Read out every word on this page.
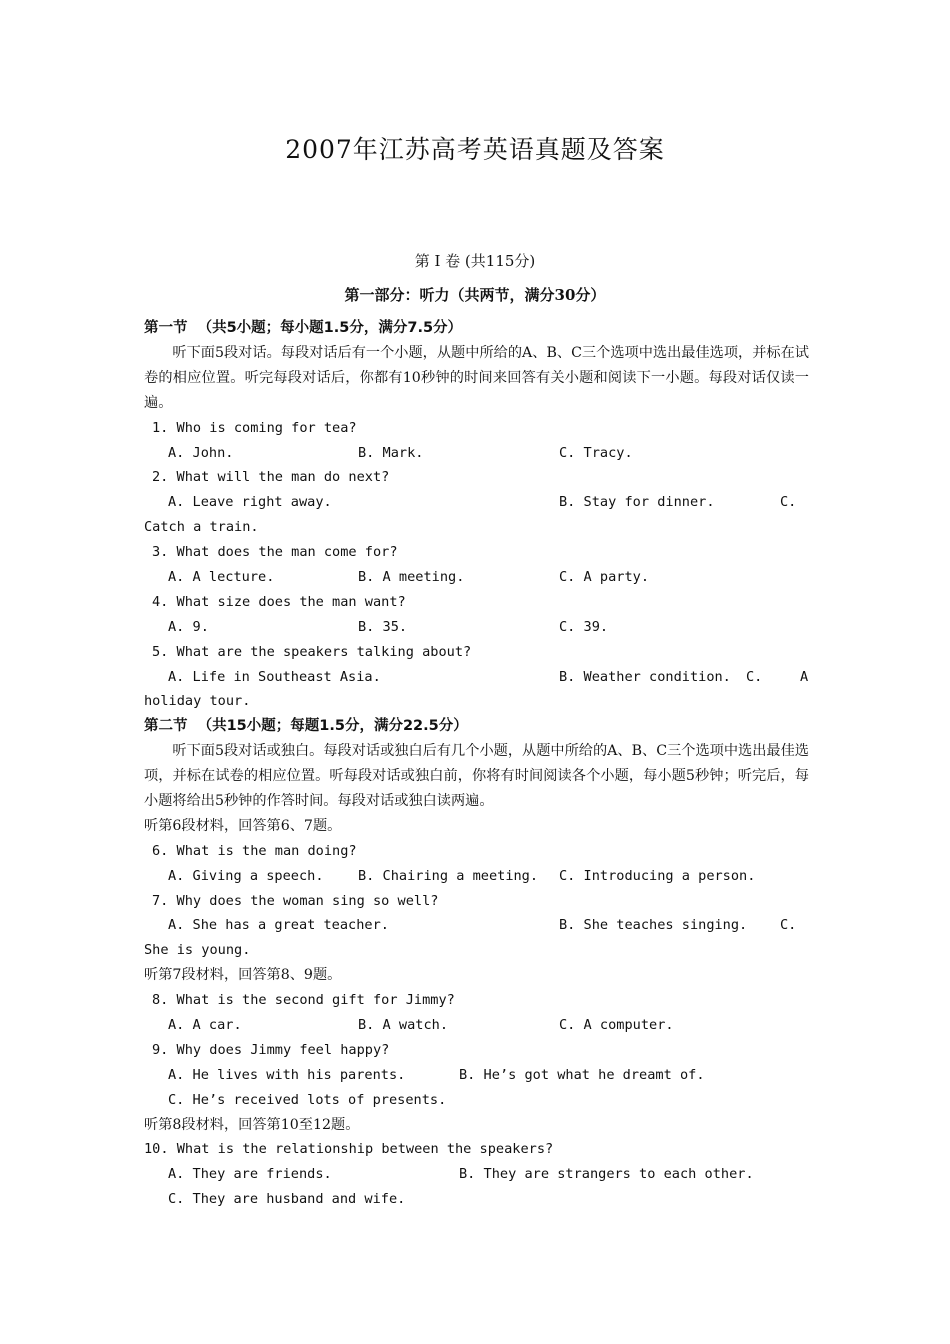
2007年江苏高考英语真题及答案
第 I 卷 (共115分)
第一部分：听力（共两节，满分30分）
第一节  （共5小题；每小题1.5分，满分7.5分）
听下面5段对话。每段对话后有一个小题，从题中所给的A、B、C三个选项中选出最佳选项，并标在试卷的相应位置。听完每段对话后，你都有10秒钟的时间来回答有关小题和阅读下一小题。每段对话仅读一遍。
1. Who is coming for tea?

A. John.

	B. Mark.

	C. Tracy.

2. What will the man do next?

A. Leave right away.

	B. Stay for dinner.

	C.

Catch a train.
3. What does the man come for?

A. A lecture.

	B. A meeting.

	C. A party.

4. What size does the man want?

A. 9.

	B. 35.

	C. 39.

5. What are the speakers talking about?

A. Life in Southeast Asia.

	B. Weather condition.

C.

	A

holiday tour.
第二节  （共15小题；每题1.5分，满分22.5分）
听下面5段对话或独白。每段对话或独白后有几个小题，从题中所给的A、B、C三个选项中选出最佳选项，并标在试卷的相应位置。听每段对话或独白前，你将有时间阅读各个小题，每小题5秒钟；听完后，每小题将给出5秒钟的作答时间。每段对话或独白读两遍。
听第6段材料，回答第6、7题。
6. What is the man doing?

A. Giving a speech.

	B. Chairing a meeting.

C. Introducing a person.

7. Why does the woman sing so well?

A. She has a great teacher.

	B. She teaches singing.

C.

She is young.
听第7段材料，回答第8、9题。
8. What is the second gift for Jimmy?

A. A car.

	B. A watch.

	C. A computer.

9. Why does Jimmy feel happy?

A. He lives with his parents.

	B. He’s got what he dreamt of.

C. He’s received lots of presents.

听第8段材料，回答第10至12题。
10. What is the relationship between the speakers?

A. They are friends.

	B. They are strangers to each other.

C. They are husband and wife.
